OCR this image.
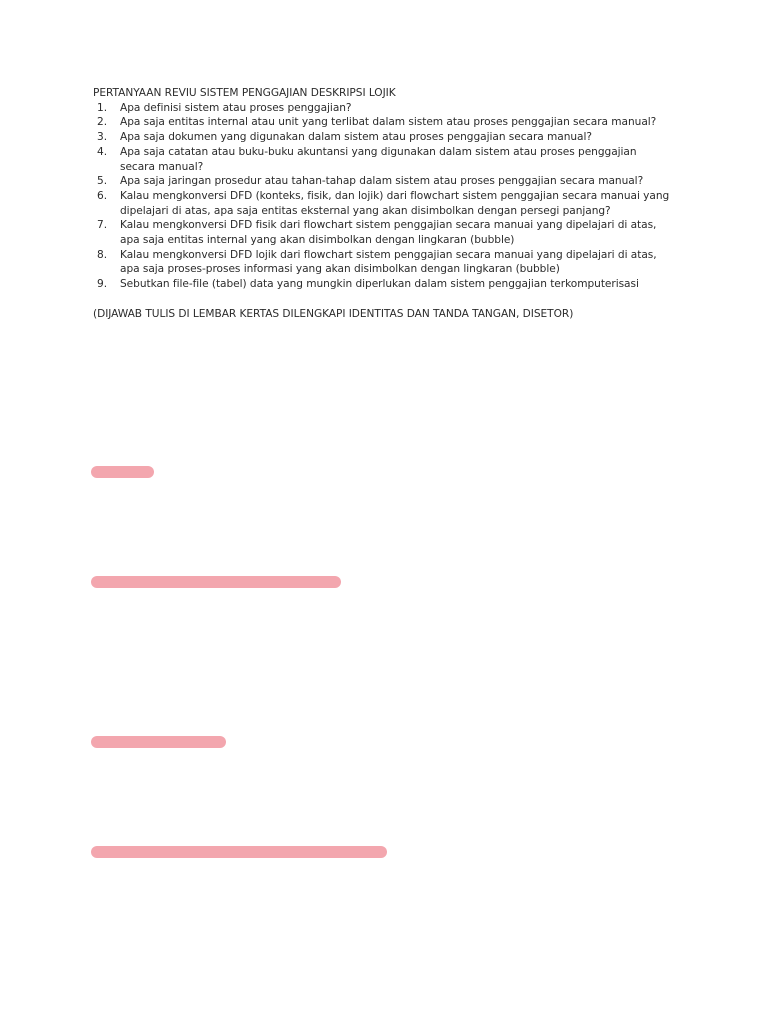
PERTANYAAN REVIU SISTEM PENGGAJIAN DESKRIPSI LOJIK
1. Apa definisi sistem atau proses penggajian?
2. Apa saja entitas internal atau unit yang terlibat dalam sistem atau proses penggajian secara manual?
3. Apa saja dokumen yang digunakan dalam sistem atau proses penggajian secara manual?
4. Apa saja catatan atau buku-buku akuntansi yang digunakan dalam sistem atau proses penggajian secara manual?
5. Apa saja jaringan prosedur atau tahan-tahap dalam sistem atau proses penggajian secara manual?
6. Kalau mengkonversi DFD (konteks, fisik, dan lojik) dari flowchart sistem penggajian secara manuai yang dipelajari di atas, apa saja entitas eksternal yang akan disimbolkan dengan persegi panjang?
7. Kalau mengkonversi DFD fisik dari flowchart sistem penggajian secara manuai yang dipelajari di atas, apa saja entitas internal yang akan disimbolkan dengan lingkaran (bubble)
8. Kalau mengkonversi DFD lojik dari flowchart sistem penggajian secara manuai yang dipelajari di atas, apa saja proses-proses informasi yang akan disimbolkan dengan lingkaran (bubble)
9. Sebutkan file-file (tabel) data yang mungkin diperlukan dalam sistem penggajian terkomputerisasi
(DIJAWAB TULIS DI LEMBAR KERTAS DILENGKAPI IDENTITAS DAN TANDA TANGAN, DISETOR)
